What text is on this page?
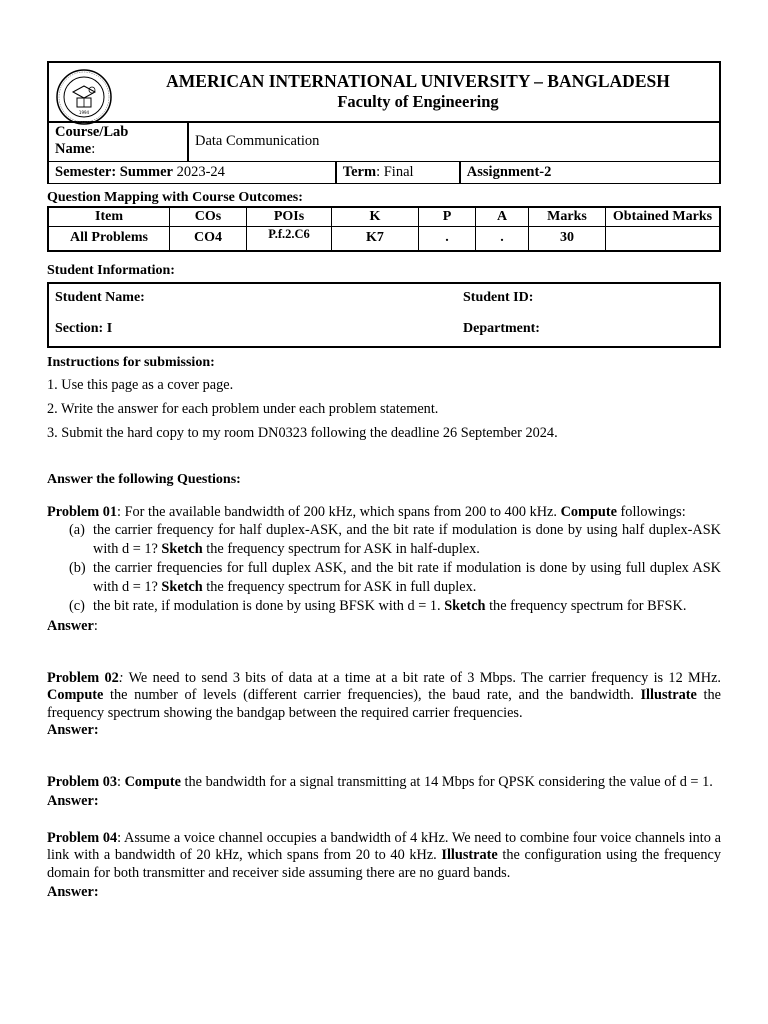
1994
AMERICAN INTERNATIONAL UNIVERSITY – BANGLADESH
Faculty of Engineering
Course/Lab
Name:	Data Communication		
Semester: Summer 2023-24		Term: Final	Assignment-2

Question Mapping with Course Outcomes:

Item	COs	POIs	K	P	A	Marks	Obtained Marks
All Problems	CO4	P.f.2.C6	K7	.	.	30	

Student Information:

Student Name:	Student ID:
Section: I	Department:

Instructions for submission:

1. Use this page as a cover page.

2. Write the answer for each problem under each problem statement.

3. Submit the hard copy to my room DN0323 following the deadline 26 September 2024.

Answer the following Questions:

Problem 01: For the available bandwidth of 200 kHz, which spans from 200 to 400 kHz. Compute followings:

(a) the carrier frequency for half duplex-ASK, and the bit rate if modulation is done by using half duplex-ASK with d = 1? Sketch the frequency spectrum for ASK in half-duplex.
(b) the carrier frequencies for full duplex ASK, and the bit rate if modulation is done by using full duplex ASK with d = 1? Sketch the frequency spectrum for ASK in full duplex.
(c) the bit rate, if modulation is done by using BFSK with d = 1. Sketch the frequency spectrum for BFSK.

Answer:

Problem 02: We need to send 3 bits of data at a time at a bit rate of 3 Mbps. The carrier frequency is 12 MHz. Compute the number of levels (different carrier frequencies), the baud rate, and the bandwidth. Illustrate the frequency spectrum showing the bandgap between the required carrier frequencies.

Answer:

Problem 03: Compute the bandwidth for a signal transmitting at 14 Mbps for QPSK considering the value of d = 1.

Answer:

Problem 04: Assume a voice channel occupies a bandwidth of 4 kHz. We need to combine four voice channels into a link with a bandwidth of 20 kHz, which spans from 20 to 40 kHz. Illustrate the configuration using the frequency domain for both transmitter and receiver side assuming there are no guard bands.

Answer:
